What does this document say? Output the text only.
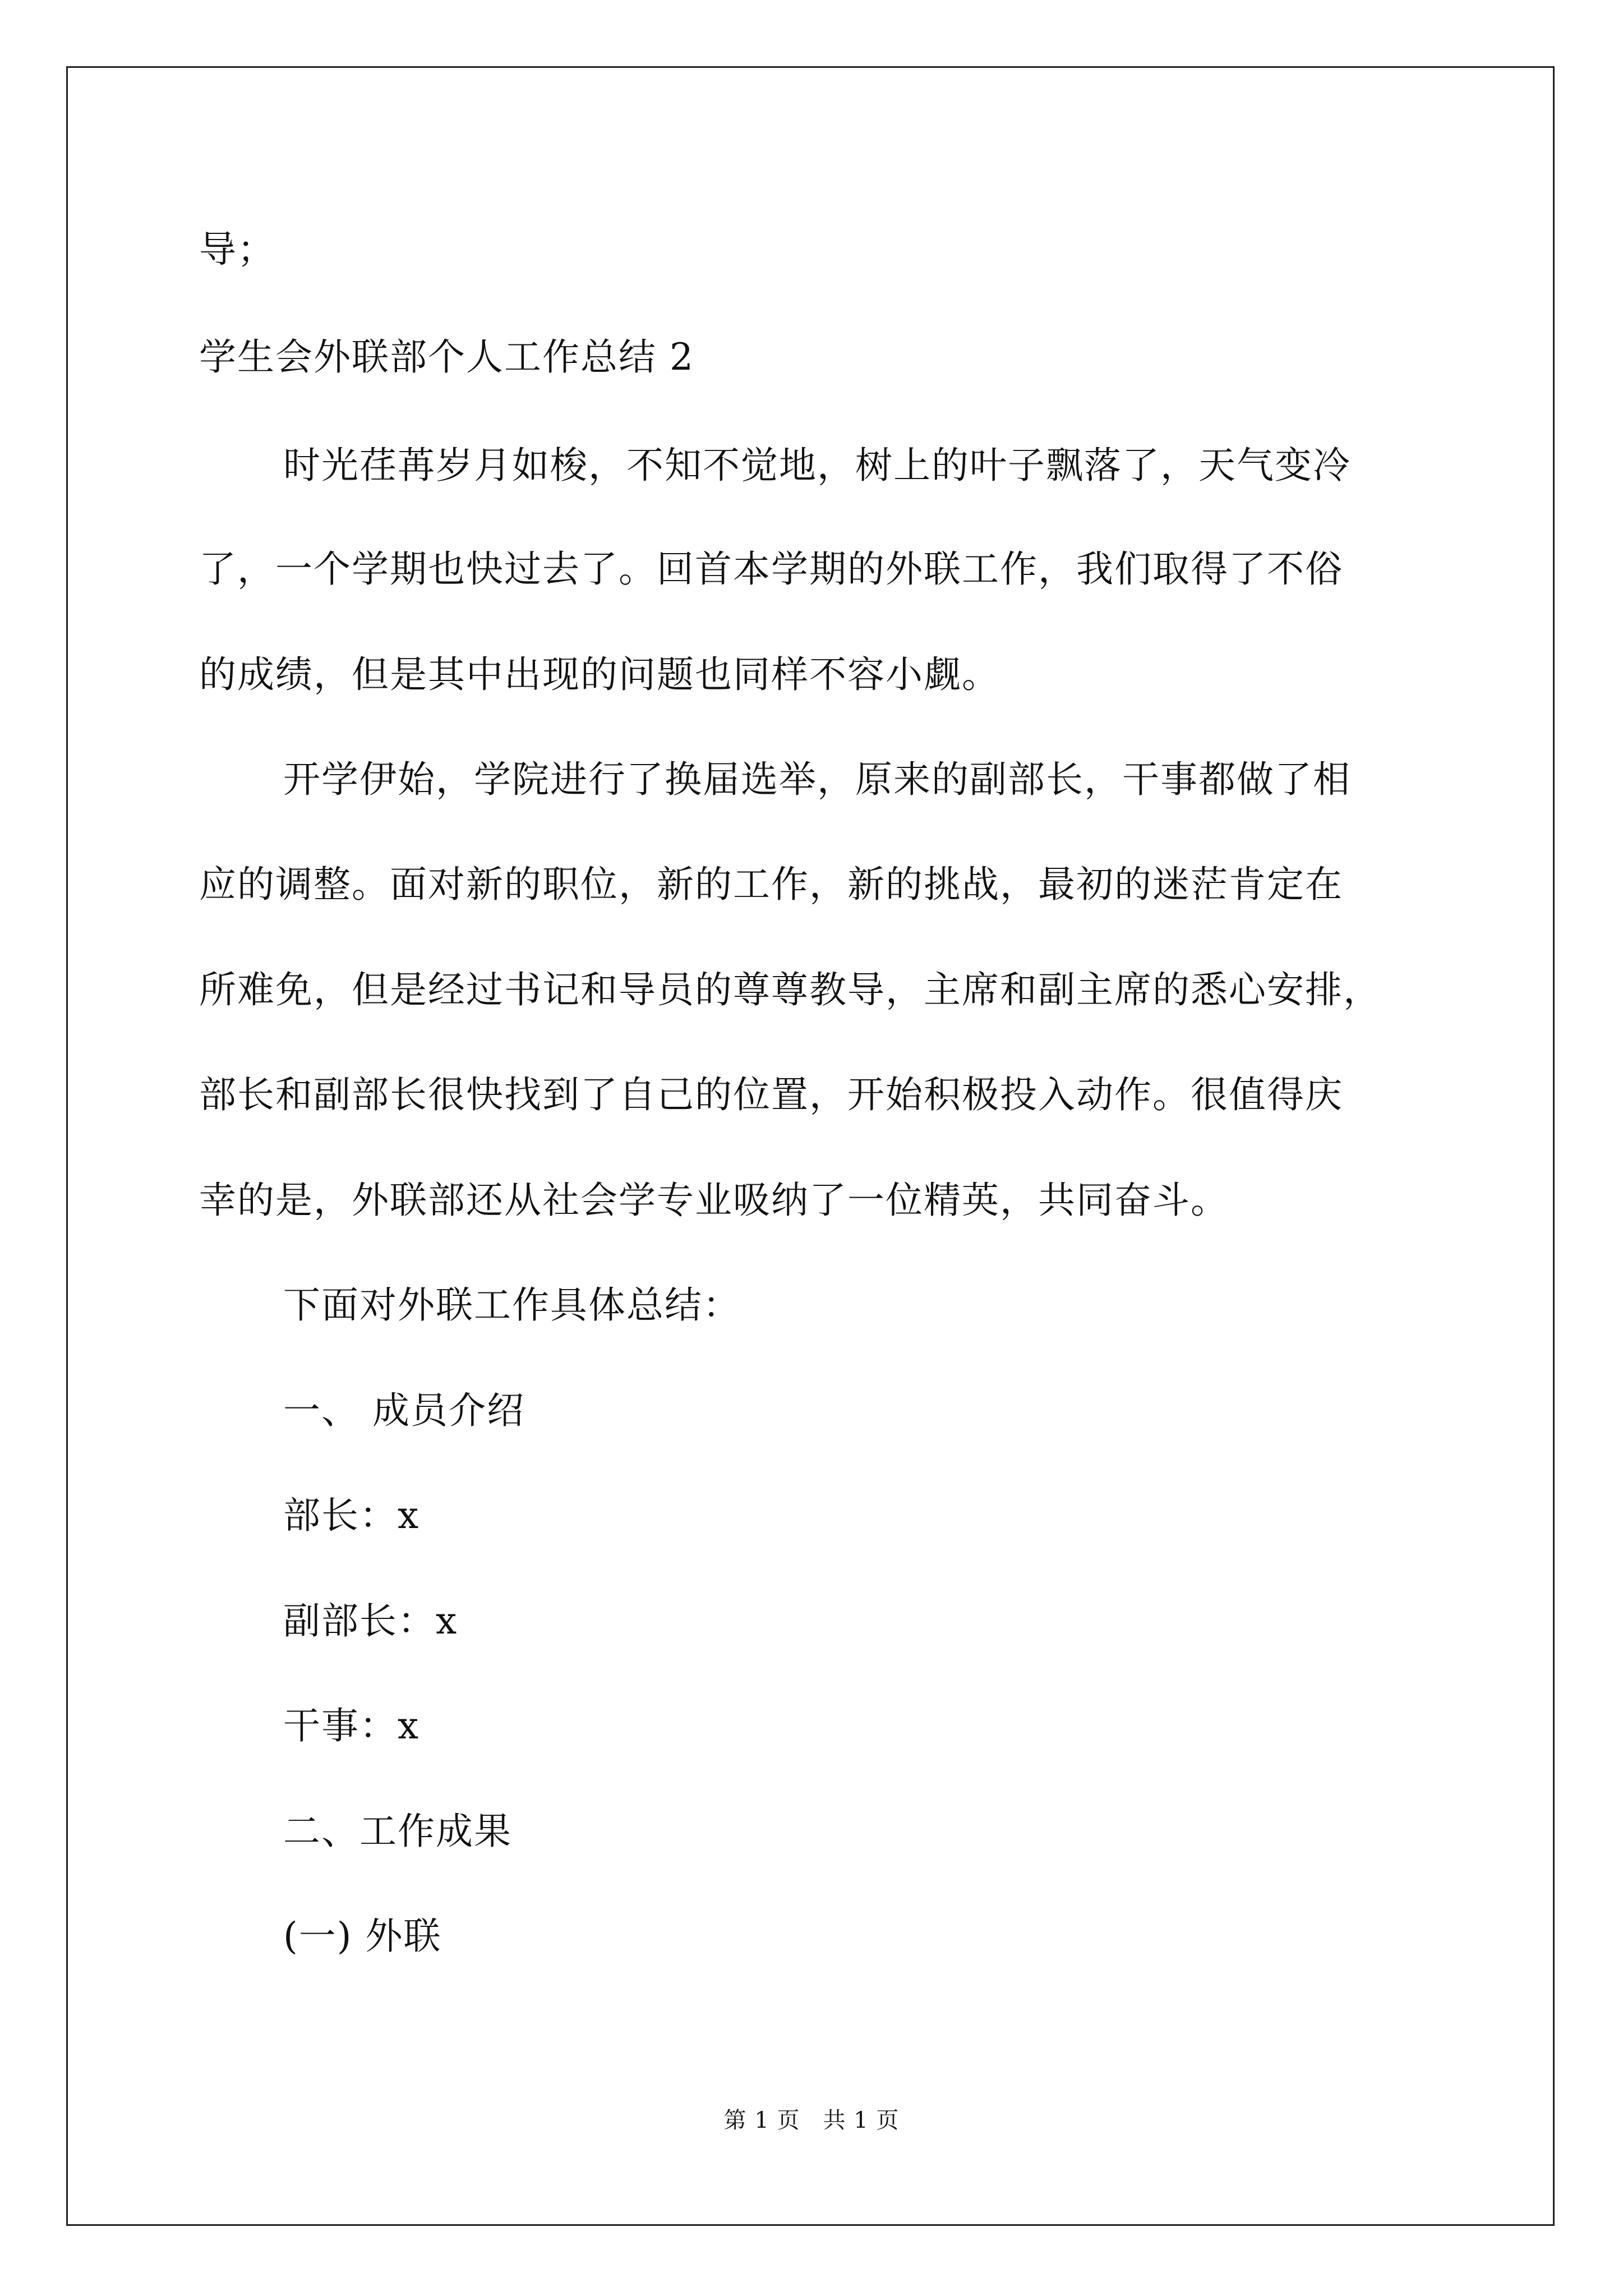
导；
学生会外联部个人工作总结 2
时光荏苒岁月如梭，不知不觉地，树上的叶子飘落了，天气变冷
了，一个学期也快过去了。回首本学期的外联工作，我们取得了不俗
的成绩，但是其中出现的问题也同样不容小觑。
开学伊始，学院进行了换届选举，原来的副部长，干事都做了相
应的调整。面对新的职位，新的工作，新的挑战，最初的迷茫肯定在
所难免，但是经过书记和导员的尊尊教导，主席和副主席的悉心安排，
部长和副部长很快找到了自己的位置，开始积极投入动作。很值得庆
幸的是，外联部还从社会学专业吸纳了一位精英，共同奋斗。
下面对外联工作具体总结：
一、 成员介绍
部长：x
副部长：x
干事：x
二、工作成果
(一) 外联
第 1 页　共 1 页
